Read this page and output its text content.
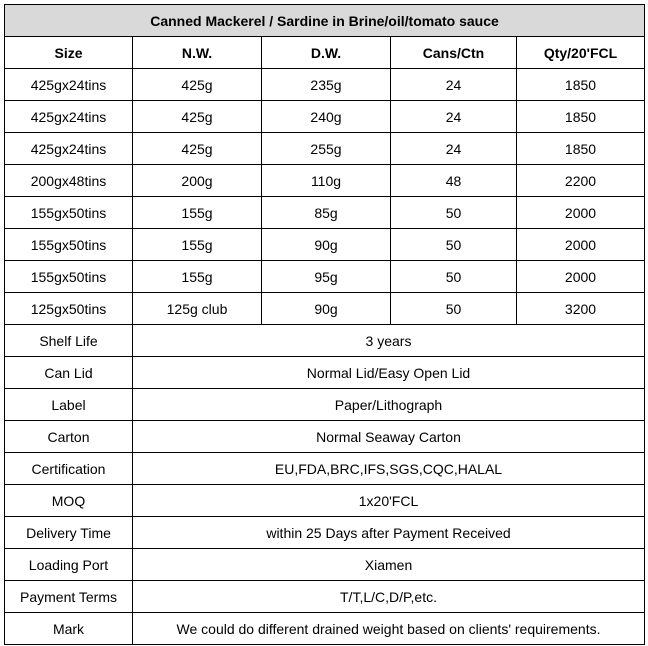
Canned Mackerel / Sardine in Brine/oil/tomato sauce				
Size	N.W.	D.W.	Cans/Ctn	Qty/20'FCL
425gx24tins	425g	235g	24	1850
425gx24tins	425g	240g	24	1850
425gx24tins	425g	255g	24	1850
200gx48tins	200g	110g	48	2200
155gx50tins	155g	85g	50	2000
155gx50tins	155g	90g	50	2000
155gx50tins	155g	95g	50	2000
125gx50tins	125g club	90g	50	3200
Shelf Life	3 years			
Can Lid	Normal Lid/Easy Open Lid			
Label	Paper/Lithograph			
Carton	Normal Seaway Carton			
Certification	EU,FDA,BRC,IFS,SGS,CQC,HALAL			
MOQ	1x20'FCL			
Delivery Time	within 25 Days after Payment Received			
Loading Port	Xiamen			
Payment Terms	T/T,L/C,D/P,etc.			
Mark	We could do different drained weight based on clients' requirements.			
